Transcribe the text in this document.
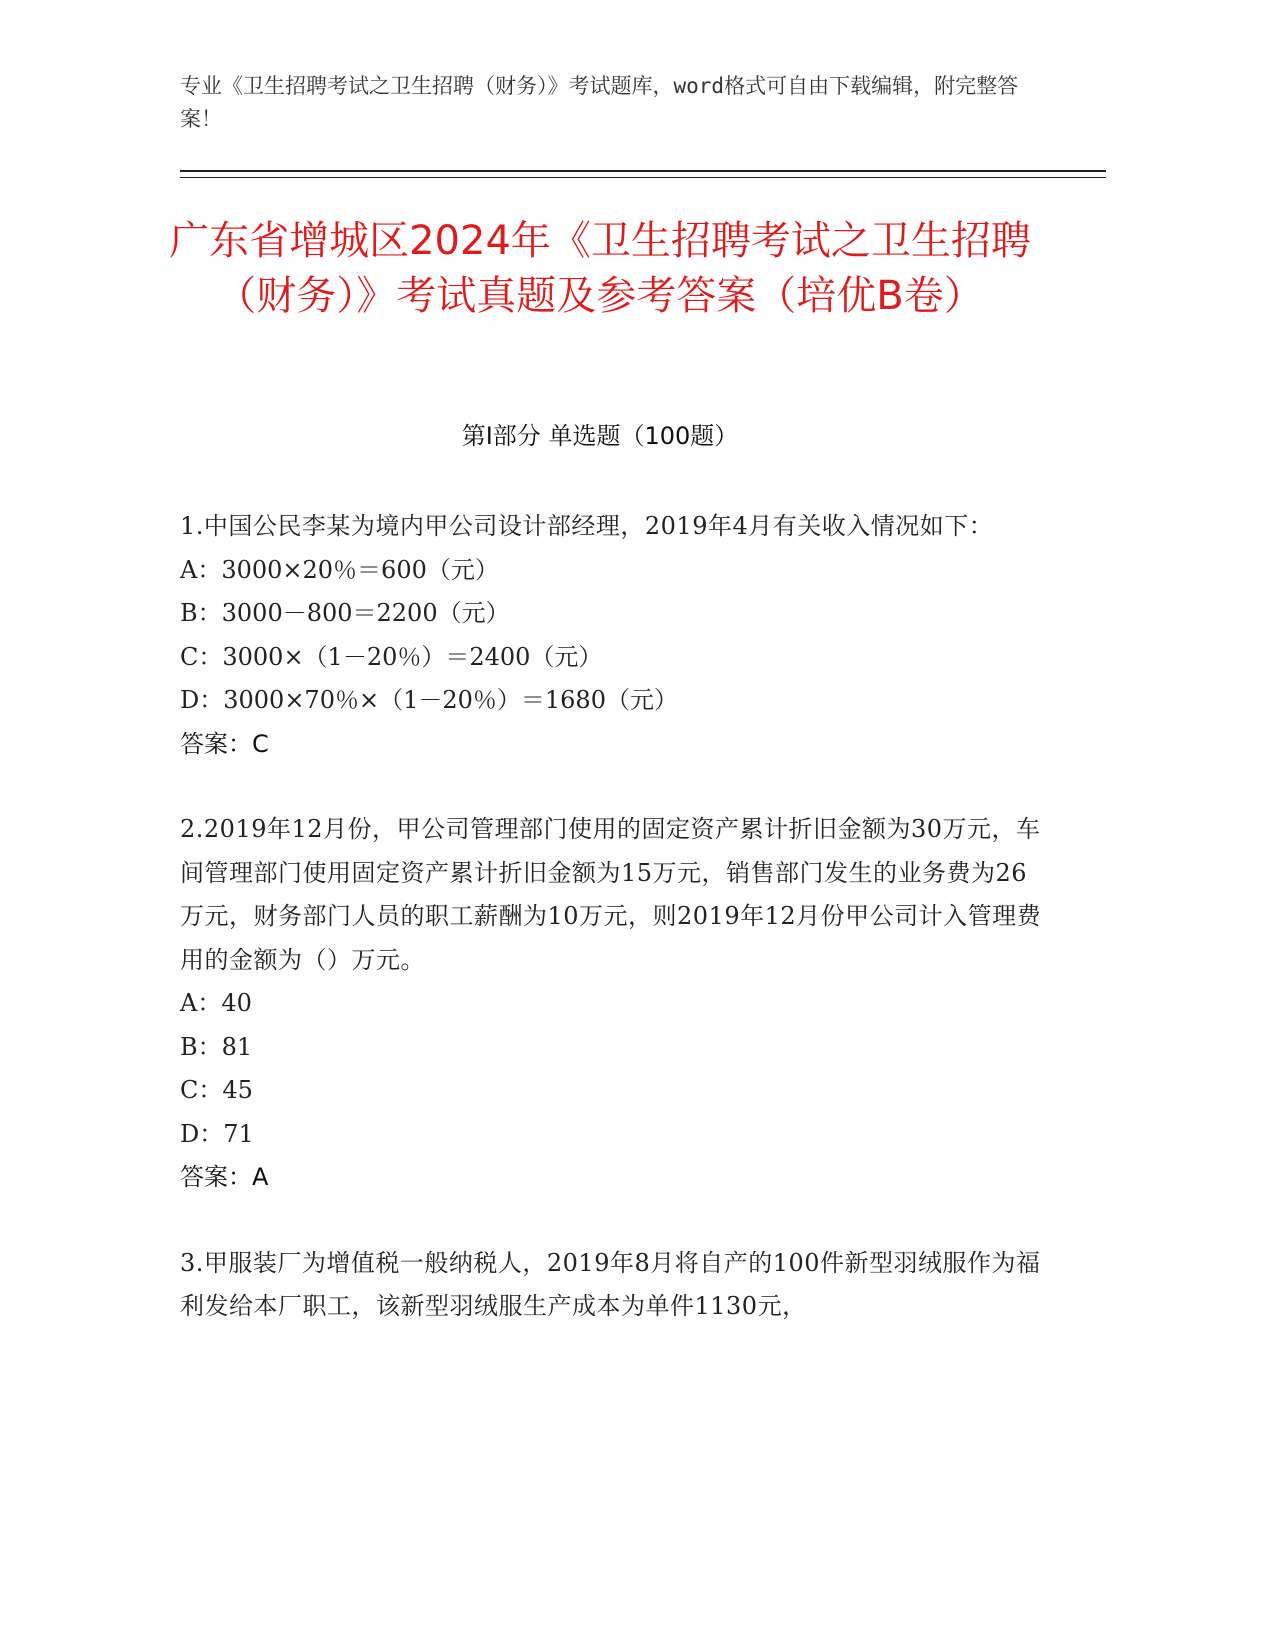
专业《卫生招聘考试之卫生招聘（财务）》考试题库，word格式可自由下载编辑，附完整答案！
广东省增城区2024年《卫生招聘考试之卫生招聘（财务）》考试真题及参考答案（培优B卷）
第I部分 单选题（100题）
1.中国公民李某为境内甲公司设计部经理，2019年4月有关收入情况如下：
A：3000×20％＝600（元）
B：3000－800＝2200（元）
C：3000×（1－20％）＝2400（元）
D：3000×70％×（1－20％）＝1680（元）
答案：C
2.2019年12月份，甲公司管理部门使用的固定资产累计折旧金额为30万元，车间管理部门使用固定资产累计折旧金额为15万元，销售部门发生的业务费为26万元，财务部门人员的职工薪酬为10万元，则2019年12月份甲公司计入管理费用的金额为（）万元。
A：40
B：81
C：45
D：71
答案：A
3.甲服装厂为增值税一般纳税人，2019年8月将自产的100件新型羽绒服作为福利发给本厂职工，该新型羽绒服生产成本为单件1130元，
